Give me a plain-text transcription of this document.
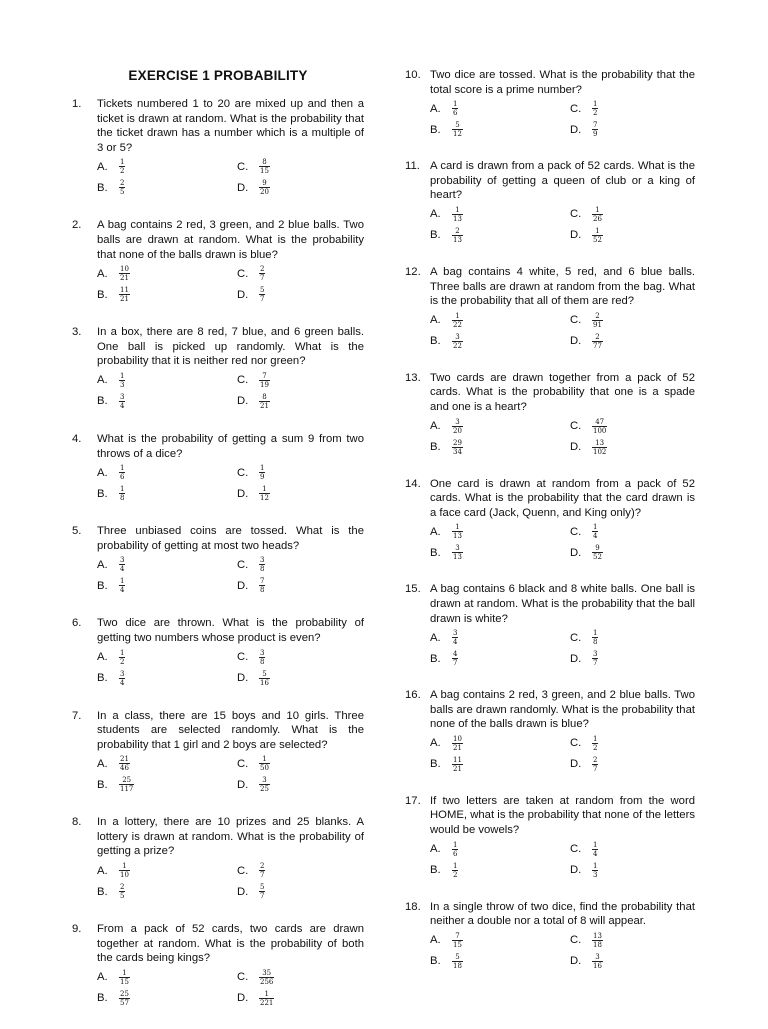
EXERCISE 1 PROBABILITY
1.	Tickets numbered 1 to 20 are mixed up and then a ticket is drawn at random. What is the probability that the ticket drawn has a number which is a multiple of 3 or 5?
A.	$\frac{1}{2}$	C.	$\frac{8}{15}$
B.	$\frac{2}{5}$	D.	$\frac{9}{20}$
2.	A bag contains 2 red, 3 green, and 2 blue balls. Two balls are drawn at random. What is the probability that none of the balls drawn is blue?
A.	$\frac{10}{21}$	C.	$\frac{2}{7}$
B.	$\frac{11}{21}$	D.	$\frac{5}{7}$
3.	In a box, there are 8 red, 7 blue, and 6 green balls. One ball is picked up randomly. What is the probability that it is neither red nor green?
A.	$\frac{1}{3}$	C.	$\frac{7}{19}$
B.	$\frac{3}{4}$	D.	$\frac{8}{21}$
4.	What is the probability of getting a sum 9 from two throws of a dice?
A.	$\frac{1}{6}$	C.	$\frac{1}{9}$
B.	$\frac{1}{8}$	D.	$\frac{1}{12}$
5.	Three unbiased coins are tossed. What is the probability of getting at most two heads?
A.	$\frac{3}{4}$	C.	$\frac{3}{8}$
B.	$\frac{1}{4}$	D.	$\frac{7}{8}$
6.	Two dice are thrown. What is the probability of getting two numbers whose product is even?
A.	$\frac{1}{2}$	C.	$\frac{3}{8}$
B.	$\frac{3}{4}$	D.	$\frac{5}{16}$
7.	In a class, there are 15 boys and 10 girls. Three students are selected randomly. What is the probability that 1 girl and 2 boys are selected?
A.	$\frac{21}{46}$	C.	$\frac{1}{50}$
B.	$\frac{25}{117}$	D.	$\frac{3}{25}$
8.	In a lottery, there are 10 prizes and 25 blanks. A lottery is drawn at random. What is the probability of getting a prize?
A.	$\frac{1}{10}$	C.	$\frac{2}{7}$
B.	$\frac{2}{5}$	D.	$\frac{5}{7}$
9.	From a pack of 52 cards, two cards are drawn together at random. What is the probability of both the cards being kings?
A.	$\frac{1}{15}$	C.	$\frac{35}{256}$
B.	$\frac{25}{57}$	D.	$\frac{1}{221}$
10. Two dice are tossed. What is the probability that the total score is a prime number?
A.	$\frac{1}{6}$	C.	$\frac{1}{2}$
B.	$\frac{5}{12}$	D.	$\frac{7}{9}$
11. A card is drawn from a pack of 52 cards. What is the probability of getting a queen of club or a king of heart?
A.	$\frac{1}{13}$	C.	$\frac{1}{26}$
B.	$\frac{2}{13}$	D.	$\frac{1}{52}$
12. A bag contains 4 white, 5 red, and 6 blue balls. Three balls are drawn at random from the bag. What is the probability that all of them are red?
A.	$\frac{1}{22}$	C.	$\frac{2}{91}$
B.	$\frac{3}{22}$	D.	$\frac{2}{77}$
13. Two cards are drawn together from a pack of 52 cards. What is the probability that one is a spade and one is a heart?
A.	$\frac{3}{20}$	C.	$\frac{47}{100}$
B.	$\frac{29}{34}$	D.	$\frac{13}{102}$
14. One card is drawn at random from a pack of 52 cards. What is the probability that the card drawn is a face card (Jack, Quenn, and King only)?
A.	$\frac{1}{13}$	C.	$\frac{1}{4}$
B.	$\frac{3}{13}$	D.	$\frac{9}{52}$
15. A bag contains 6 black and 8 white balls. One ball is drawn at random. What is the probability that the ball drawn is white?
A.	$\frac{3}{4}$	C.	$\frac{1}{8}$
B.	$\frac{4}{7}$	D.	$\frac{3}{7}$
16. A bag contains 2 red, 3 green, and 2 blue balls. Two balls are drawn randomly. What is the probability that none of the balls drawn is blue?
A.	$\frac{10}{21}$	C.	$\frac{1}{2}$
B.	$\frac{11}{21}$	D.	$\frac{2}{7}$
17. If two letters are taken at random from the word HOME, what is the probability that none of the letters would be vowels?
A.	$\frac{1}{6}$	C.	$\frac{1}{4}$
B.	$\frac{1}{2}$	D.	$\frac{1}{3}$
18. In a single throw of two dice, find the probability that neither a double nor a total of 8 will appear.
A.	$\frac{7}{15}$	C.	$\frac{13}{18}$
B.	$\frac{5}{18}$	D.	$\frac{3}{16}$
